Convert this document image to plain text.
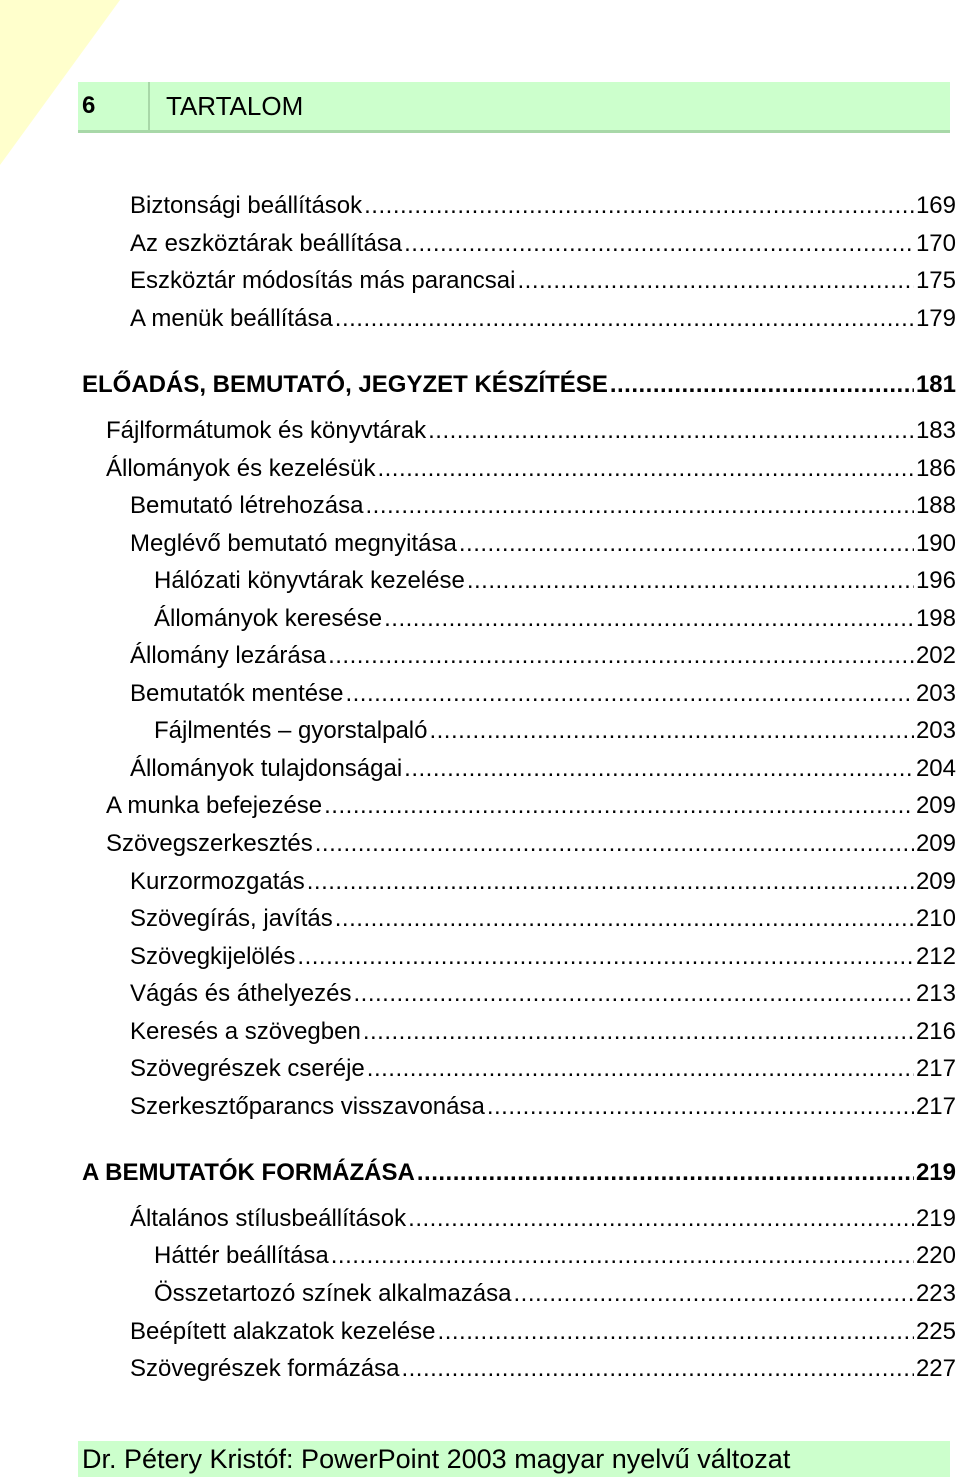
6	TARTALOM
Biztonsági beállítások .....	169
Az eszköztárak beállítása .....	170
Eszköztár módosítás más parancsai .....	175
A menük beállítása .....	179
ELŐADÁS, BEMUTATÓ, JEGYZET KÉSZÍTÉSE .....	181
Fájlformátumok és könyvtárak .....	183
Állományok és kezelésük .....	186
Bemutató létrehozása .....	188
Meglévő bemutató megnyitása .....	190
Hálózati könyvtárak kezelése .....	196
Állományok keresése .....	198
Állomány lezárása .....	202
Bemutatók mentése .....	203
Fájlmentés – gyorstalpaló .....	203
Állományok tulajdonságai .....	204
A munka befejezése .....	209
Szövegszerkesztés .....	209
Kurzormozgatás .....	209
Szövegírás, javítás .....	210
Szövegkijelölés .....	212
Vágás és áthelyezés .....	213
Keresés a szövegben .....	216
Szövegrészek cseréje .....	217
Szerkesztőparancs visszavonása .....	217
A BEMUTATÓK FORMÁZÁSA .....	219
Általános stílusbeállítások .....	219
Háttér beállítása .....	220
Összetartozó színek alkalmazása .....	223
Beépített alakzatok kezelése .....	225
Szövegrészek formázása .....	227
Dr. Pétery Kristóf: PowerPoint 2003 magyar nyelvű változat
